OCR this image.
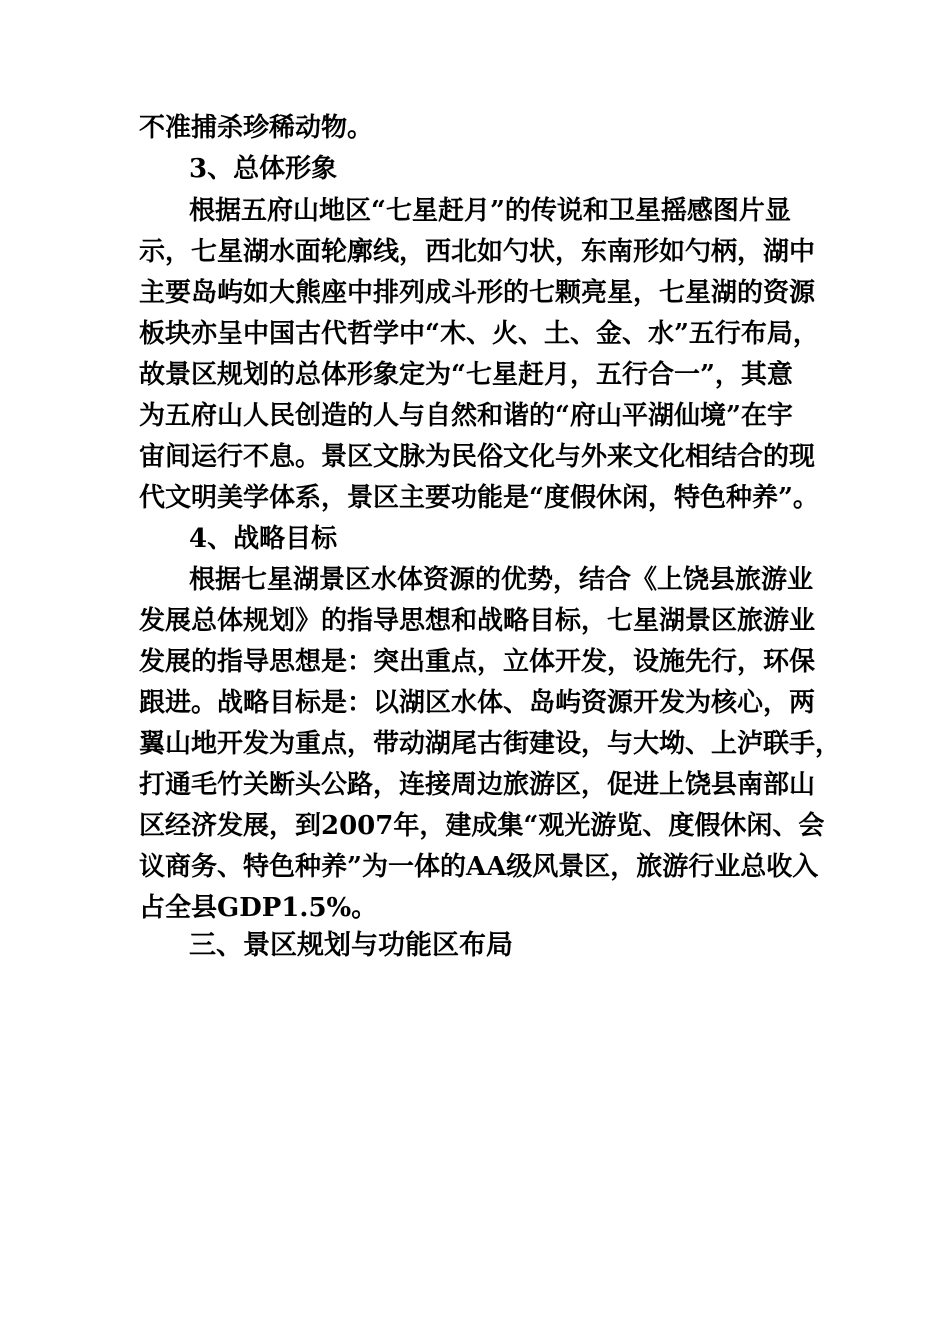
不准捕杀珍稀动物。
3、总体形象
根据五府山地区“七星赶月”的传说和卫星摇感图片显
示，七星湖水面轮廓线，西北如勺状，东南形如勺柄，湖中
主要岛屿如大熊座中排列成斗形的七颗亮星，七星湖的资源
板块亦呈中国古代哲学中“木、火、土、金、水”五行布局，
故景区规划的总体形象定为“七星赶月，五行合一”，其意
为五府山人民创造的人与自然和谐的“府山平湖仙境”在宇
宙间运行不息。景区文脉为民俗文化与外来文化相结合的现
代文明美学体系，景区主要功能是“度假休闲，特色种养”。
4、战略目标
根据七星湖景区水体资源的优势，结合《上饶县旅游业
发展总体规划》的指导思想和战略目标，七星湖景区旅游业
发展的指导思想是：突出重点，立体开发，设施先行，环保
跟进。战略目标是：以湖区水体、岛屿资源开发为核心，两
翼山地开发为重点，带动湖尾古街建设，与大坳、上泸联手，
打通毛竹关断头公路，连接周边旅游区，促进上饶县南部山
区经济发展，到2007年，建成集“观光游览、度假休闲、会
议商务、特色种养”为一体的AA级风景区，旅游行业总收入
占全县GDP1.5%。
三、景区规划与功能区布局
